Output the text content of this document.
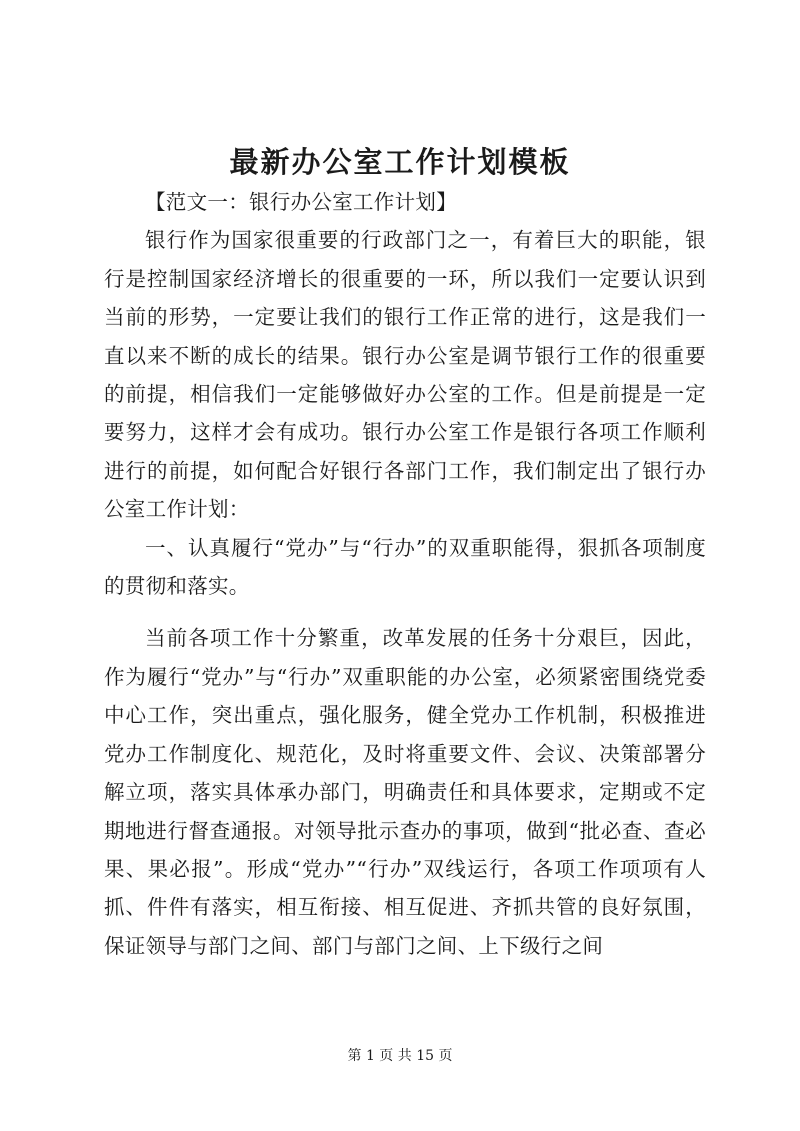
最新办公室工作计划模板

【范文一：银行办公室工作计划】

银行作为国家很重要的行政部门之一，有着巨大的职能，银行是控制国家经济增长的很重要的一环，所以我们一定要认识到当前的形势，一定要让我们的银行工作正常的进行，这是我们一直以来不断的成长的结果。银行办公室是调节银行工作的很重要的前提，相信我们一定能够做好办公室的工作。但是前提是一定要努力，这样才会有成功。银行办公室工作是银行各项工作顺利进行的前提，如何配合好银行各部门工作，我们制定出了银行办公室工作计划：

一、认真履行“党办”与“行办”的双重职能得，狠抓各项制度的贯彻和落实。

当前各项工作十分繁重，改革发展的任务十分艰巨，因此，作为履行“党办”与“行办”双重职能的办公室，必须紧密围绕党委中心工作，突出重点，强化服务，健全党办工作机制，积极推进党办工作制度化、规范化，及时将重要文件、会议、决策部署分解立项，落实具体承办部门，明确责任和具体要求，定期或不定期地进行督查通报。对领导批示查办的事项，做到“批必查、查必果、果必报”。形成“党办”“行办”双线运行，各项工作项项有人抓、件件有落实，相互衔接、相互促进、齐抓共管的良好氛围，保证领导与部门之间、部门与部门之间、上下级行之间

第 1 页 共 15 页
